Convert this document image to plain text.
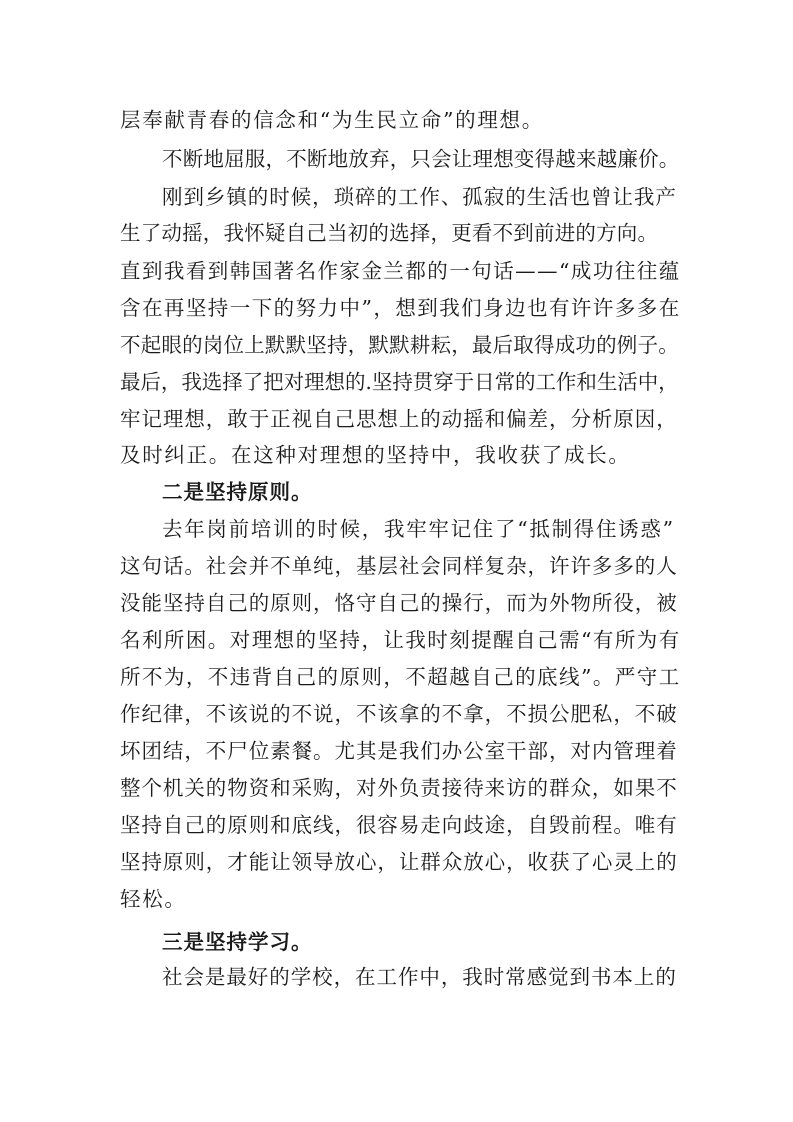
层奉献青春的信念和“为生民立命”的理想。
不断地屈服，不断地放弃，只会让理想变得越来越廉价。
刚到乡镇的时候，琐碎的工作、孤寂的生活也曾让我产
生了动摇，我怀疑自己当初的选择，更看不到前进的方向。
直到我看到韩国著名作家金兰都的一句话——“成功往往蕴
含在再坚持一下的努力中”，想到我们身边也有许许多多在
不起眼的岗位上默默坚持，默默耕耘，最后取得成功的例子。
最后，我选择了把对理想的.坚持贯穿于日常的工作和生活中，
牢记理想，敢于正视自己思想上的动摇和偏差，分析原因，
及时纠正。在这种对理想的坚持中，我收获了成长。
二是坚持原则。
去年岗前培训的时候，我牢牢记住了“抵制得住诱惑”
这句话。社会并不单纯，基层社会同样复杂，许许多多的人
没能坚持自己的原则，恪守自己的操行，而为外物所役，被
名利所困。对理想的坚持，让我时刻提醒自己需“有所为有
所不为，不违背自己的原则，不超越自己的底线”。严守工
作纪律，不该说的不说，不该拿的不拿，不损公肥私，不破
坏团结，不尸位素餐。尤其是我们办公室干部，对内管理着
整个机关的物资和采购，对外负责接待来访的群众，如果不
坚持自己的原则和底线，很容易走向歧途，自毁前程。唯有
坚持原则，才能让领导放心，让群众放心，收获了心灵上的
轻松。
三是坚持学习。
社会是最好的学校，在工作中，我时常感觉到书本上的
